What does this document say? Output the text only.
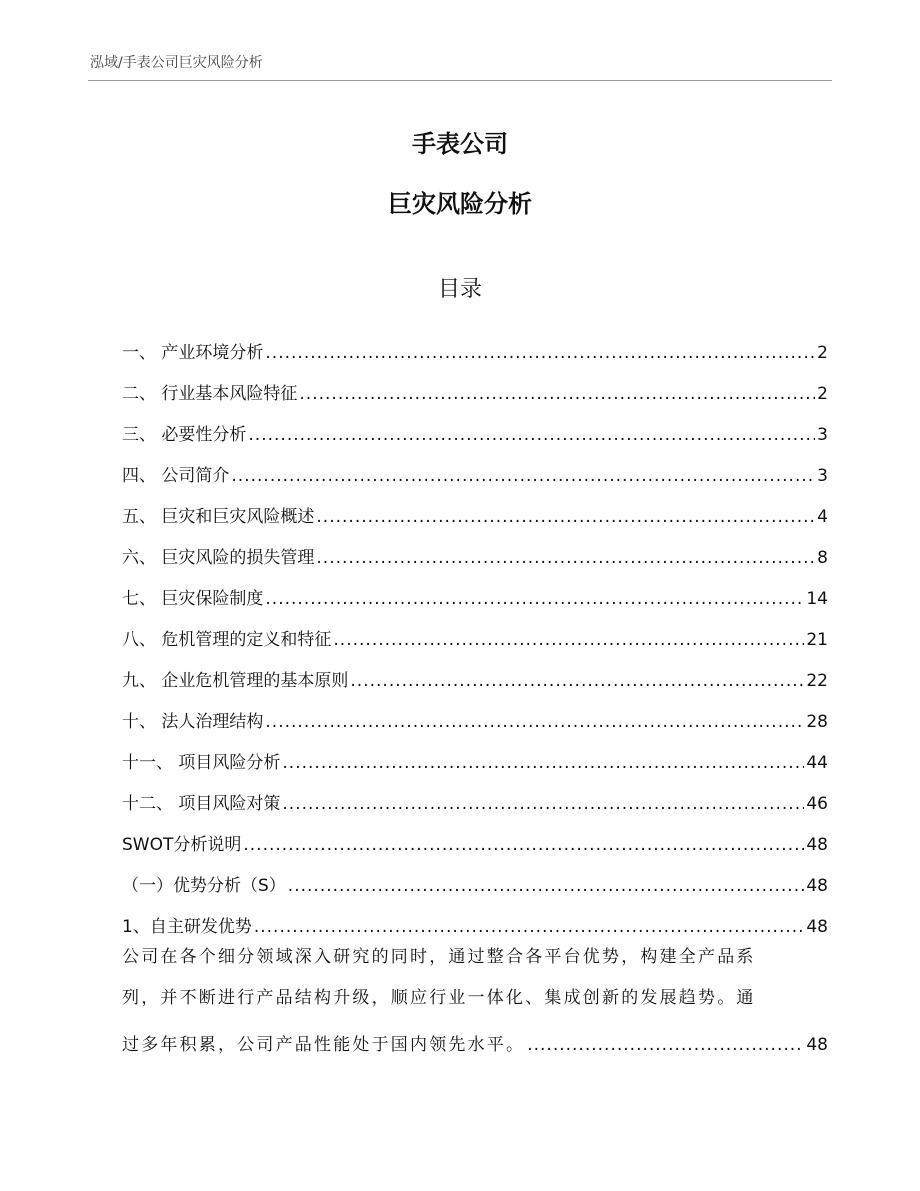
泓域/手表公司巨灾风险分析
手表公司
巨灾风险分析
目录
一、 产业环境分析 .....	2
二、 行业基本风险特征 .....	2
三、 必要性分析 .....	3
四、 公司简介 .....	3
五、 巨灾和巨灾风险概述 .....	4
六、 巨灾风险的损失管理 .....	8
七、 巨灾保险制度 .....	14
八、 危机管理的定义和特征 .....	21
九、 企业危机管理的基本原则 .....	22
十、 法人治理结构 .....	28
十一、 项目风险分析 .....	44
十二、 项目风险对策 .....	46
SWOT分析说明 .....	48
（一）优势分析（S） .....	48
1、自主研发优势 .....	48
公司在各个细分领域深入研究的同时，通过整合各平台优势，构建全产品系
列，并不断进行产品结构升级，顺应行业一体化、集成创新的发展趋势。通
过多年积累，公司产品性能处于国内领先水平。 .....	48
